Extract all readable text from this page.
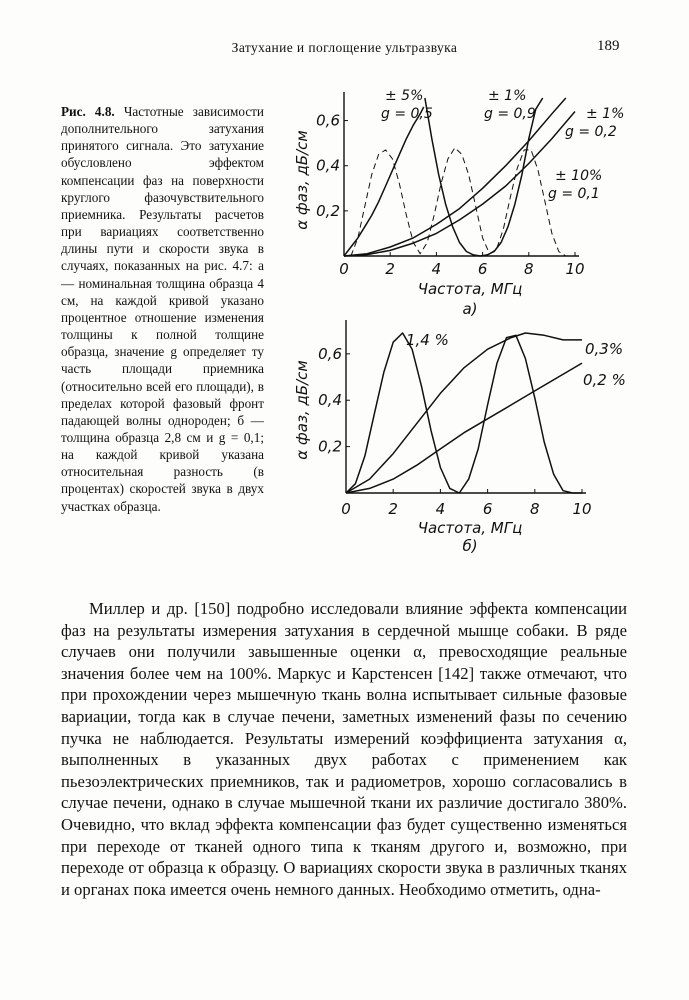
Затухание и поглощение ультразвука	189
Рис. 4.8. Частотные зависимости дополнительного затухания принятого сигнала. Это затухание обусловлено эффектом компенсации фаз на поверхности круглого фазочувствительного приемника. Результаты расчетов при вариациях соответственно длины пути и скорости звука в случаях, показанных на рис. 4.7: а — номинальная толщина образца 4 см, на каждой кривой указано процентное отношение изменения толщины к полной толщине образца, значение g определяет ту часть площади приемника (относительно всей его площади), в пределах которой фазовый фронт падающей волны однороден; б — толщина образца 2,8 см и g = 0,1; на каждой кривой указана относительная разность (в процентах) скоростей звука в двух участках образца.
0 2 4 6 8 10
0,2
0,4
0,6
Частота, МГц
α фаз, дБ/см
а)
± 5%
g = 0,5
± 1%
g = 0,9	± 1%
g = 0,2
± 10%
g = 0,1
0	2	4	6	8 10
0,2
0,4
0,6
Частота, МГц
α фаз, дБ/см
б)
1,4 %	0,3%
0,2 %
Миллер и др. [150] подробно исследовали влияние эффекта компенсации фаз на результаты измерения затухания в сердечной мышце собаки. В ряде случаев они получили завышенные оценки α, превосходящие реальные значения более чем на 100%. Маркус и Карстенсен [142] также отмечают, что при прохождении через мышечную ткань волна испытывает сильные фазовые вариации, тогда как в случае печени, заметных изменений фазы по сечению пучка не наблюдается. Результаты измерений коэффициента затухания α, выполненных в указанных двух работах с применением как пьезоэлектрических приемников, так и радиометров, хорошо согласовались в случае печени, однако в случае мышечной ткани их различие достигало 380%. Очевидно, что вклад эффекта компенсации фаз будет существенно изменяться при переходе от тканей одного типа к тканям другого и, возможно, при переходе от образца к образцу. О вариациях скорости звука в различных тканях и органах пока имеется очень немного данных. Необходимо отметить, одна-
